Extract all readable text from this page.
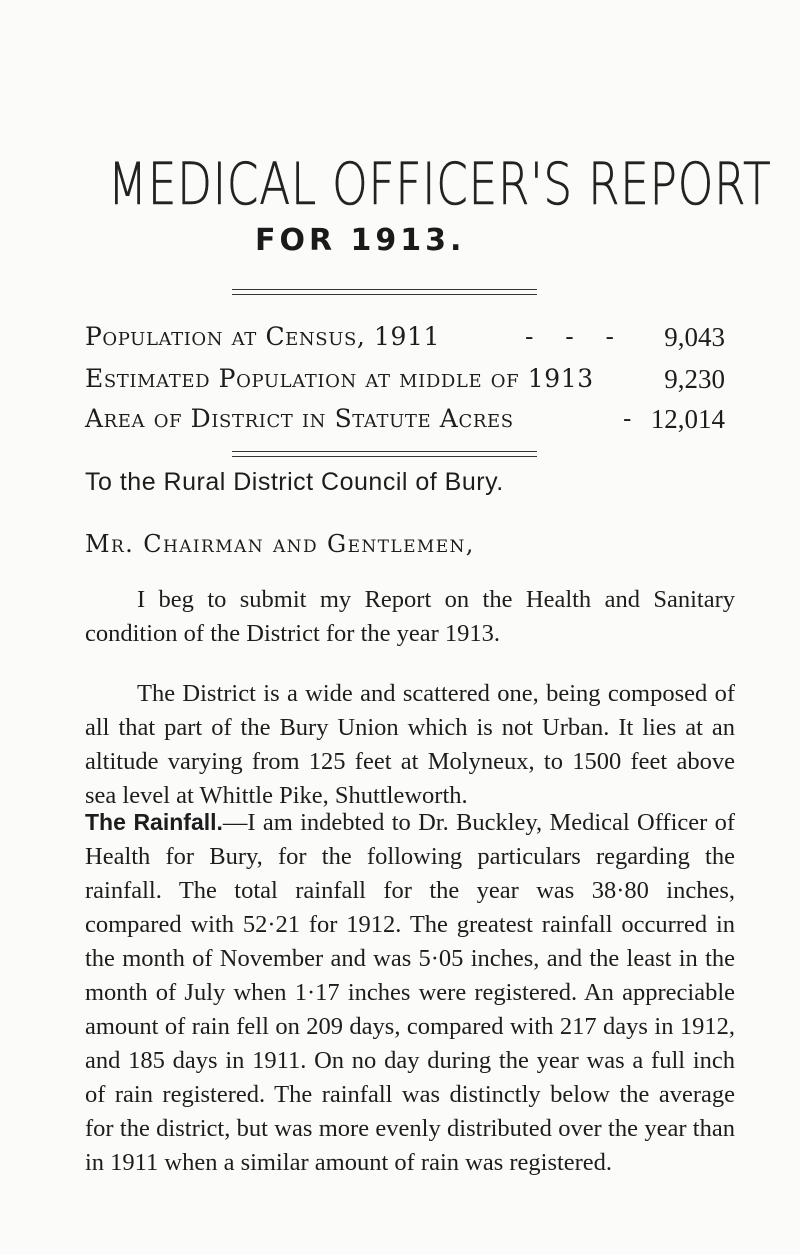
MEDICAL OFFICER'S REPORT
FOR 1913.
Population at Census, 1911	-    -    - 9,043
Estimated Population at middle of 1913	9,230
Area of District in Statute Acres	- 12,014
To the Rural District Council of Bury.
Mr. Chairman and Gentlemen,

I beg to submit my Report on the Health and Sanitary condition of the District for the year 1913.

The District is a wide and scattered one, being composed of all that part of the Bury Union which is not Urban. It lies at an altitude varying from 125 feet at Molyneux, to 1500 feet above sea level at Whittle Pike, Shuttleworth.

The Rainfall.—I am indebted to Dr. Buckley, Medical Officer of Health for Bury, for the following particulars regarding the rainfall. The total rainfall for the year was 38·80 inches, compared with 52·21 for 1912. The greatest rainfall occurred in the month of November and was 5·05 inches, and the least in the month of July when 1·17 inches were registered. An appreciable amount of rain fell on 209 days, compared with 217 days in 1912, and 185 days in 1911. On no day during the year was a full inch of rain registered. The rainfall was distinctly below the average for the district, but was more evenly distributed over the year than in 1911 when a similar amount of rain was registered.
